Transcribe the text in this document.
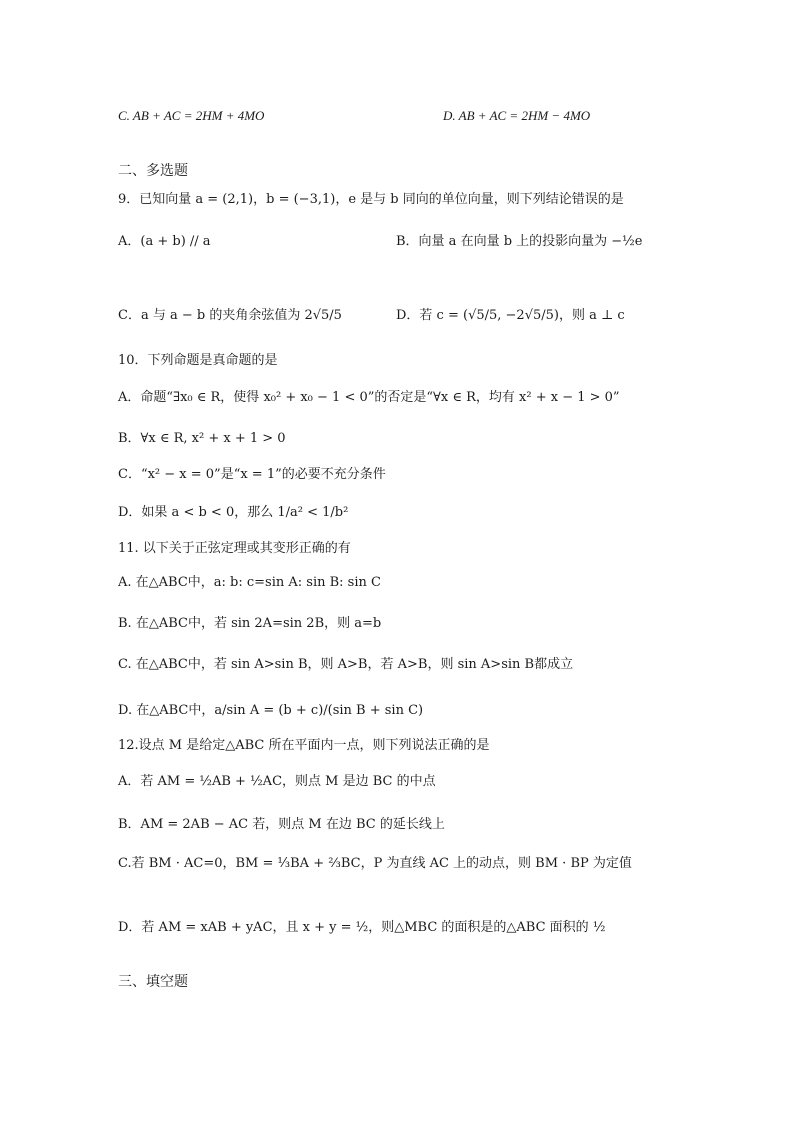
C. AB + AC = 2HM + 4MO	D. AB + AC = 2HM − 4MO
二、多选题
9．已知向量 a = (2,1)，b = (−3,1)，e 是与 b 同向的单位向量，则下列结论错误的是
A．(a + b) // a	B．向量 a 在向量 b 上的投影向量为 −½e
C．a 与 a − b 的夹角余弦值为 2√5/5	D．若 c = (√5/5, −2√5/5)，则 a ⊥ c
10．下列命题是真命题的是
A．命题“∃x₀ ∈ R，使得 x₀² + x₀ − 1 < 0”的否定是“∀x ∈ R，均有 x² + x − 1 > 0”
B．∀x ∈ R, x² + x + 1 > 0
C．“x² − x = 0”是“x = 1”的必要不充分条件
D．如果 a < b < 0，那么 1/a² < 1/b²
11. 以下关于正弦定理或其变形正确的有
A. 在△ABC中，a: b: c=sin A: sin B: sin C
B. 在△ABC中，若 sin 2A=sin 2B，则 a=b
C. 在△ABC中，若 sin A>sin B，则 A>B，若 A>B，则 sin A>sin B都成立
D. 在△ABC中，a/sin A = (b + c)/(sin B + sin C)
12.设点 M 是给定△ABC 所在平面内一点，则下列说法正确的是
A．若 AM = ½AB + ½AC，则点 M 是边 BC 的中点
B．AM = 2AB − AC 若，则点 M 在边 BC 的延长线上
C.若 BM · AC=0，BM = ⅓BA + ⅔BC，P 为直线 AC 上的动点，则 BM · BP 为定值
D．若 AM = xAB + yAC，且 x + y = ½，则△MBC 的面积是的△ABC 面积的 ½
三、填空题
